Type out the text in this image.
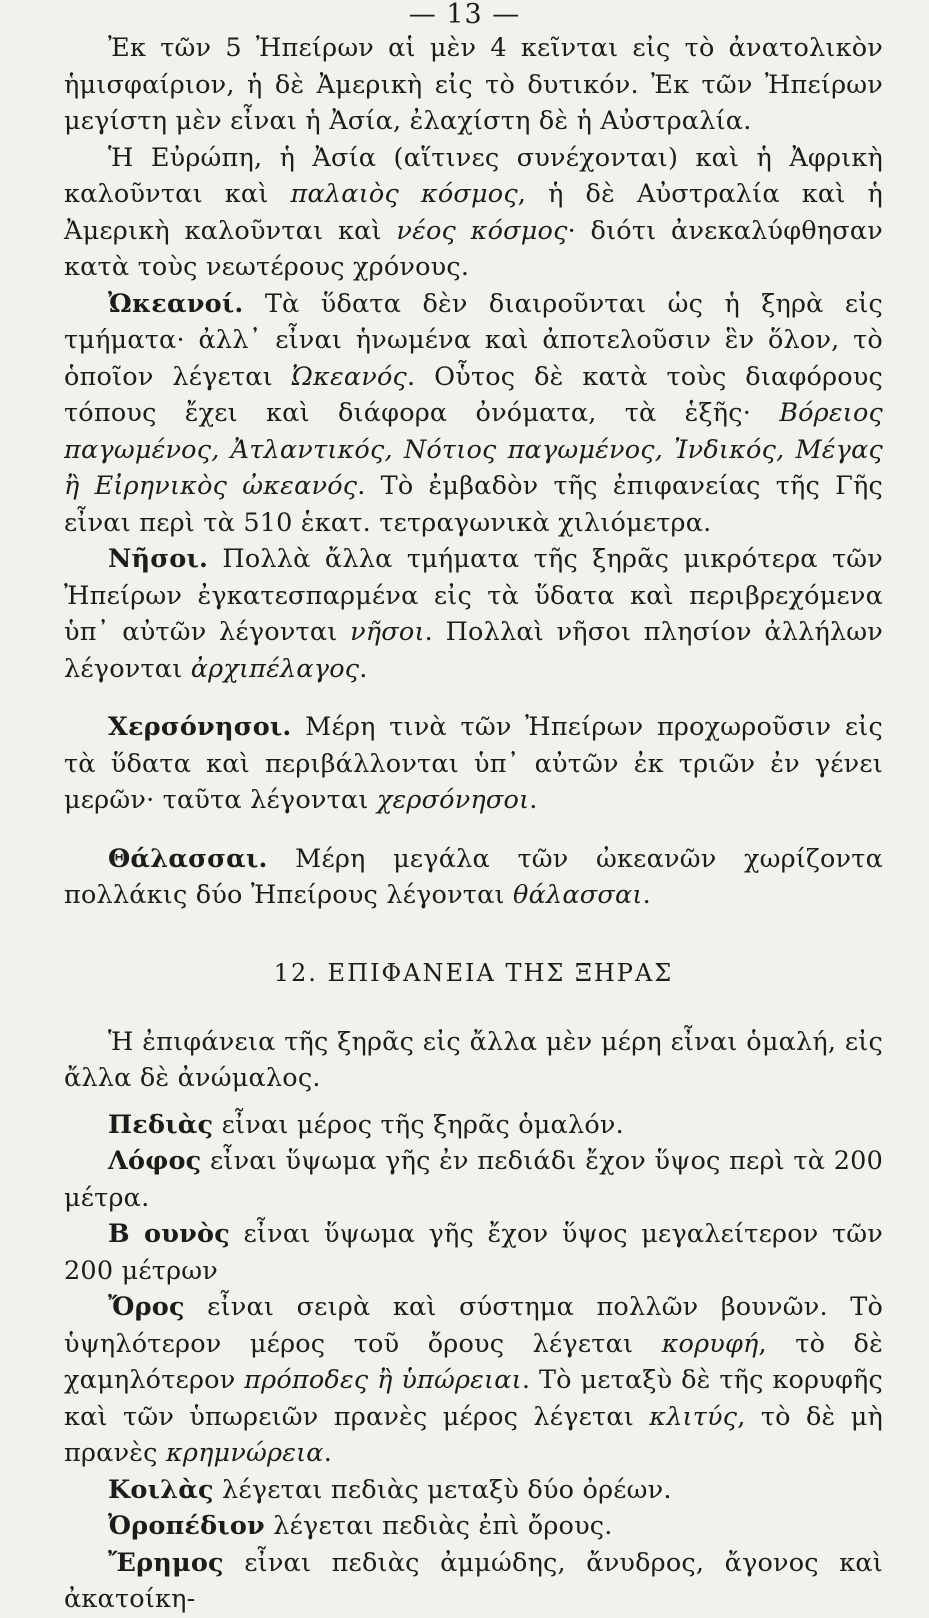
— 13 —

Ἐκ τῶν 5 Ἠπείρων αἱ μὲν 4 κεῖνται εἰς τὸ ἀνατολικὸν ἡμισφαίριον, ἡ δὲ Ἀμερικὴ εἰς τὸ δυτικόν. Ἐκ τῶν Ἠπείρων μεγίστη μὲν εἶναι ἡ Ἀσία, ἐλαχίστη δὲ ἡ Αὐστραλία.

Ἡ Εὐρώπη, ἡ Ἀσία (αἵτινες συνέχονται) καὶ ἡ Ἀφρικὴ καλοῦνται καὶ παλαιὸς κόσμος, ἡ δὲ Αὐστραλία καὶ ἡ Ἀμερικὴ καλοῦνται καὶ νέος κόσμος· διότι ἀνεκαλύφθησαν κατὰ τοὺς νεωτέρους χρόνους.

Ὠκεανοί. Τὰ ὕδατα δὲν διαιροῦνται ὡς ἡ ξηρὰ εἰς τμήματα· ἀλλ᾽ εἶναι ἡνωμένα καὶ ἀποτελοῦσιν ἓν ὅλον, τὸ ὁποῖον λέγεται Ὠκεανός. Οὗτος δὲ κατὰ τοὺς διαφόρους τόπους ἔχει καὶ διάφορα ὀνόματα, τὰ ἑξῆς· Βόρειος παγωμένος, Ἀτλαντικός, Νότιος παγωμένος, Ἰνδικός, Μέγας ἢ Εἰρηνικὸς ὠκεανός. Τὸ ἐμβαδὸν τῆς ἐπιφανείας τῆς Γῆς εἶναι περὶ τὰ 510 ἑκατ. τετραγωνικὰ χιλιόμετρα.

Νῆσοι. Πολλὰ ἄλλα τμήματα τῆς ξηρᾶς μικρότερα τῶν Ἠπείρων ἐγκατεσπαρμένα εἰς τὰ ὕδατα καὶ περιβρεχόμενα ὑπ᾽ αὐτῶν λέγονται νῆσοι. Πολλαὶ νῆσοι πλησίον ἀλλήλων λέγονται ἀρχιπέλαγος.

Χερσόνησοι. Μέρη τινὰ τῶν Ἠπείρων προχωροῦσιν εἰς τὰ ὕδατα καὶ περιβάλλονται ὑπ᾽ αὐτῶν ἐκ τριῶν ἐν γένει μερῶν· ταῦτα λέγονται χερσόνησοι.

Θάλασσαι. Μέρη μεγάλα τῶν ὠκεανῶν χωρίζοντα πολλάκις δύο Ἠπείρους λέγονται θάλασσαι.

12. ΕΠΙΦΑΝΕΙΑ ΤΗΣ ΞΗΡΑΣ

Ἡ ἐπιφάνεια τῆς ξηρᾶς εἰς ἄλλα μὲν μέρη εἶναι ὁμαλή, εἰς ἄλλα δὲ ἀνώμαλος.

Πεδιὰς εἶναι μέρος τῆς ξηρᾶς ὁμαλόν.

Λόφος εἶναι ὕψωμα γῆς ἐν πεδιάδι ἔχον ὕψος περὶ τὰ 200 μέτρα.

Β ουνὸς εἶναι ὕψωμα γῆς ἔχον ὕψος μεγαλείτερον τῶν 200 μέτρων

Ὄρος εἶναι σειρὰ καὶ σύστημα πολλῶν βουνῶν. Τὸ ὑψηλότερον μέρος τοῦ ὄρους λέγεται κορυφή, τὸ δὲ χαμηλότερον πρόποδες ἢ ὑπώρειαι. Τὸ μεταξὺ δὲ τῆς κορυφῆς καὶ τῶν ὑπωρειῶν πρανὲς μέρος λέγεται κλιτύς, τὸ δὲ μὴ πρανὲς κρημνώρεια.

Κοιλὰς λέγεται πεδιὰς μεταξὺ δύο ὀρέων.

Ὀροπέδιον λέγεται πεδιὰς ἐπὶ ὄρους.

Ἔρημος εἶναι πεδιὰς ἀμμώδης, ἄνυδρος, ἄγονος καὶ ἀκατοίκη-
